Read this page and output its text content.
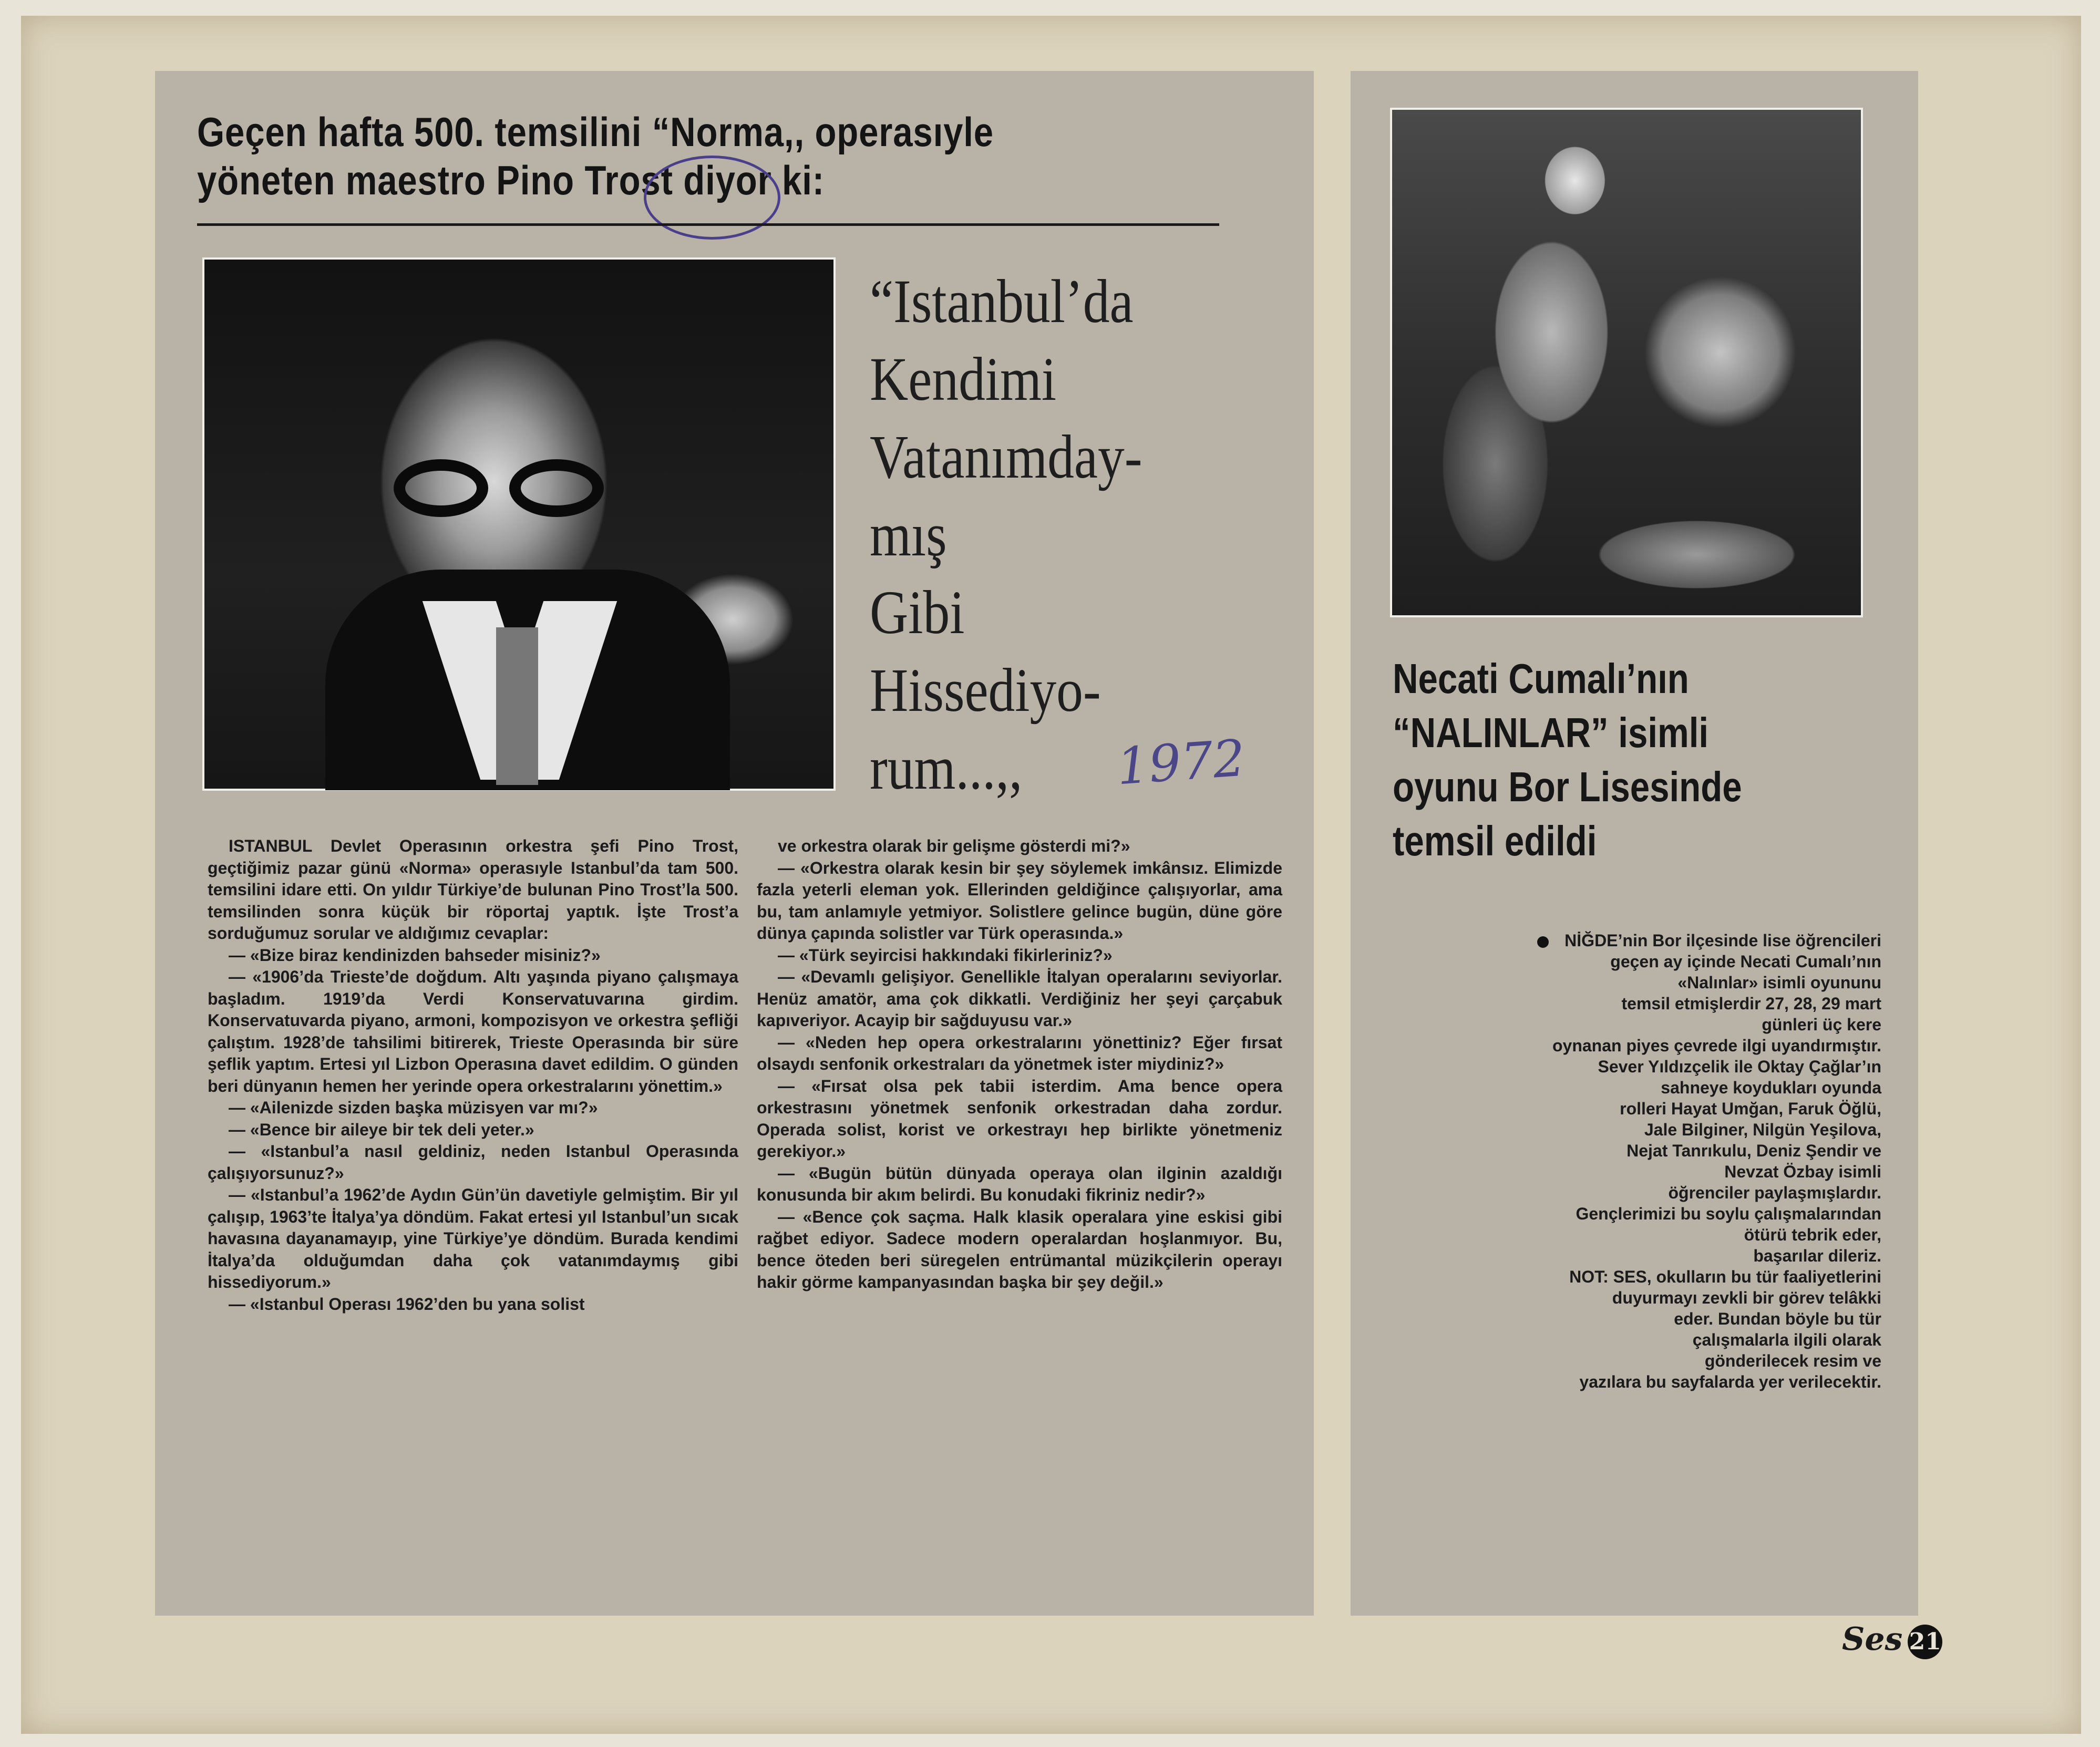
Geçen hafta 500. temsilini “Norma,, operasıyle
yöneten maestro Pino Trost diyor ki:
“Istanbul’da
Kendimi
Vatanımday-
mış
Gibi
Hissediyo-
rum...,,	1972

ISTANBUL Devlet Operasının orkestra şefi Pino Trost, geçtiğimiz pazar günü «Norma» operasıyle Istanbul’da tam 500. temsilini idare etti. On yıldır Türkiye’de bulunan Pino Trost’la 500. temsilinden sonra küçük bir röportaj yaptık. İşte Trost’a sorduğumuz sorular ve aldığımız cevaplar:

— «Bize biraz kendinizden bahseder misiniz?»

— «1906’da Trieste’de doğdum. Altı yaşında piyano çalışmaya başladım. 1919’da Verdi Konservatuvarına girdim. Konservatuvarda piyano, armoni, kompozisyon ve orkestra şefliği çalıştım. 1928’de tahsilimi bitirerek, Trieste Operasında bir süre şeflik yaptım. Ertesi yıl Lizbon Operasına davet edildim. O günden beri dünyanın hemen her yerinde opera orkestralarını yönettim.»

— «Ailenizde sizden başka müzisyen var mı?»

— «Bence bir aileye bir tek deli yeter.»

— «Istanbul’a nasıl geldiniz, neden Istanbul Operasında çalışıyorsunuz?»

— «Istanbul’a 1962’de Aydın Gün’ün davetiyle gelmiştim. Bir yıl çalışıp, 1963’te İtalya’ya döndüm. Fakat ertesi yıl Istanbul’un sıcak havasına dayanamayıp, yine Türkiye’ye döndüm. Burada kendimi İtalya’da olduğumdan daha çok vatanımdaymış gibi hissediyorum.»

— «Istanbul Operası 1962’den bu yana solist

ve orkestra olarak bir gelişme gösterdi mi?»

— «Orkestra olarak kesin bir şey söylemek imkânsız. Elimizde fazla yeterli eleman yok. Ellerinden geldiğince çalışıyorlar, ama bu, tam anlamıyle yetmiyor. Solistlere gelince bugün, düne göre dünya çapında solistler var Türk operasında.»

— «Türk seyircisi hakkındaki fikirleriniz?»

— «Devamlı gelişiyor. Genellikle İtalyan operalarını seviyorlar. Henüz amatör, ama çok dikkatli. Verdiğiniz her şeyi çarçabuk kapıveriyor. Acayip bir sağduyusu var.»

— «Neden hep opera orkestralarını yönettiniz? Eğer fırsat olsaydı senfonik orkestraları da yönetmek ister miydiniz?»

— «Fırsat olsa pek tabii isterdim. Ama bence opera orkestrasını yönetmek senfonik orkestradan daha zordur. Operada solist, korist ve orkestrayı hep birlikte yönetmeniz gerekiyor.»

— «Bugün bütün dünyada operaya olan ilginin azaldığı konusunda bir akım belirdi. Bu konudaki fikriniz nedir?»

— «Bence çok saçma. Halk klasik operalara yine eskisi gibi rağbet ediyor. Sadece modern operalardan hoşlanmıyor. Bu, bence öteden beri süregelen entrümantal müzikçilerin operayı hakir görme kampanyasından başka bir şey değil.»

Necati Cumalı’nın
“NALINLAR” isimli
oyunu Bor Lisesinde
temsil edildi

NİĞDE’nin Bor ilçesinde lise öğrencileri

geçen ay içinde Necati Cumalı’nın

«Nalınlar» isimli oyununu

temsil etmişlerdir 27, 28, 29 mart

günleri üç kere

oynanan piyes çevrede ilgi uyandırmıştır.

Sever Yıldızçelik ile Oktay Çağlar’ın

sahneye koydukları oyunda

rolleri Hayat Umğan, Faruk Öğlü,

Jale Bilginer, Nilgün Yeşilova,

Nejat Tanrıkulu, Deniz Şendir ve

Nevzat Özbay isimli

öğrenciler paylaşmışlardır.

Gençlerimizi bu soylu çalışmalarından

ötürü tebrik eder,

başarılar dileriz.

NOT: SES, okulların bu tür faaliyetlerini

duyurmayı zevkli bir görev telâkki

eder. Bundan böyle bu tür

çalışmalarla ilgili olarak

gönderilecek resim ve

yazılara bu sayfalarda yer verilecektir.

Ses 21
